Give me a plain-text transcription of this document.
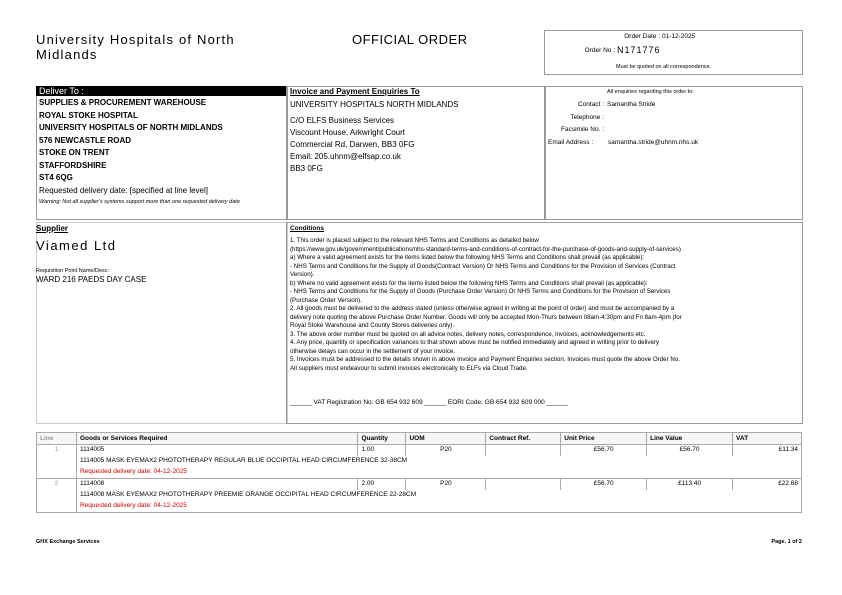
University Hospitals of North
Midlands
OFFICIAL ORDER	Order Date : 01-12-2025
Order No : N171776
Must be quoted on all correspondence.
Deliver To :
SUPPLIES & PROCUREMENT WAREHOUSE
ROYAL STOKE HOSPITAL
UNIVERSITY HOSPITALS OF NORTH MIDLANDS
576 NEWCASTLE ROAD
STOKE ON TRENT
STAFFORDSHIRE
ST4 6QG
Requested delivery date: [specified at line level]
Warning: Not all supplier's systems support more than one requested delivery date
Invoice and Payment Enquiries To
UNIVERSITY HOSPITALS NORTH MIDLANDS
C/O ELFS Business Services
Viscount House, Arkwright Court
Commercial Rd, Darwen, BB3 0FG
Email: 205.uhnm@elfsap.co.uk
BB3 0FG
All enquiries regarding this order to:
Contact : Samantha Stride
Telephone :
Facsimile No. :
Email Address : samantha.stride@uhnm.nhs.uk
Supplier
Viamed Ltd
Requisition Point Name/Desc:
WARD 216 PAEDS DAY CASE
Conditions
1. This order is placed subject to the relevant NHS Terms and Conditions as detailed below
(https://www.gov.uk/government/publications/nhs-standard-terms-and-conditions-of-contract-for-the-purchase-of-goods-and-supply-of-services)
a) Where a valid agreement exists for the items listed below the following NHS Terms and Conditions shall prevail (as applicable):
- NHS Terms and Conditions for the Supply of Goods(Contract Version) Or NHS Terms and Conditions for the Provision of Services (Contract
Version).
b) Where no valid agreement exists for the items listed below the following NHS Terms and Conditions shall prevail (as applicable):
- NHS Terms and Conditions for the Supply of Goods (Purchase Order Version) Or NHS Terms and Conditions for the Provision of Services
(Purchase Order Version).
2. All goods must be delivered to the address stated (unless otherwise agreed in writing at the point of order) and must be accompanied by a
delivery note quoting the above Purchase Order Number. Goods will only be accepted Mon-Thurs between 08am-4:30pm and Fri 8am-4pm (for
Royal Stoke Warehouse and County Stores deliveries only).
3. The above order number must be quoted on all advice notes, delivery notes, correspondence, invoices, acknowledgements etc.
4. Any price, quantity or specification variances to that shown above must be notified immediately and agreed in writing prior to delivery
otherwise delays can occur in the settlement of your invoice.
5. Invoices must be addressed to the details shown in above Invoice and Payment Enquiries section. Invoices must quote the above Order No.
All suppliers must endeavour to submit invoices electronically to ELFs via Cloud Trade.
______ VAT Registration No: GB 654 932 609 ______ EORI Code: GB 654 932 609 000 ______
Line	Goods or Services Required	Quantity	UOM	Contract Ref.	Unit Price	Line Value	VAT
1	1114005	1.00	P20		£56.70	£56.70	£11.34
	1114005 MASK EYEMAX2 PHOTOTHERAPY REGULAR BLUE OCCIPITAL HEAD CIRCUMFERENCE 32-38CM						
	Requested delivery date: 04-12-2025						
2	1114008	2.00	P20		£56.70	£113.40	£22.68
	1114008 MASK EYEMAX2 PHOTOTHERAPY PREEMIE ORANGE OCCIPITAL HEAD CIRCUMFERENCE 22-28CM						
	Requested delivery date: 04-12-2025						
GHX Exchange Services	Page. 1 of 2
